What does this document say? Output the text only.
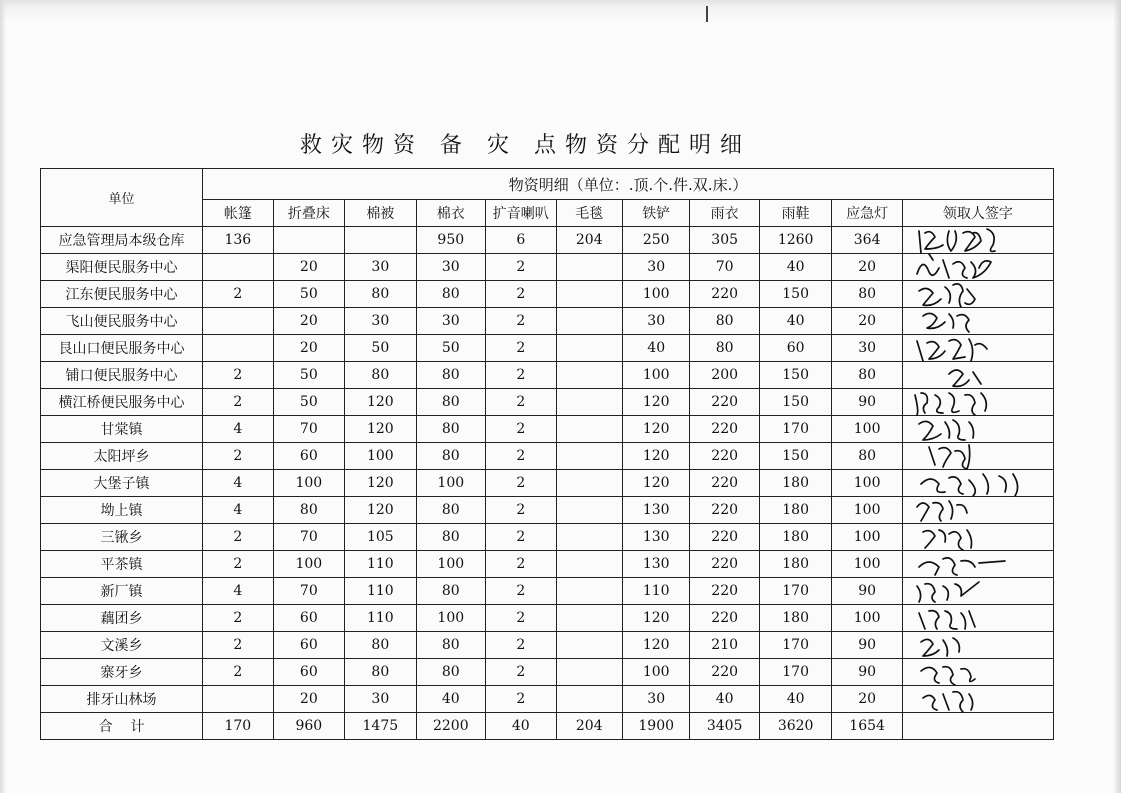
救灾物资 备 灾 点物资分配明细
单位	物资明细（单位：.顶.个.件.双.床.）										
	帐篷	折叠床	棉被	棉衣	扩音喇叭	毛毯	铁铲	雨衣	雨鞋	应急灯	领取人签字
应急管理局本级仓库	136			950	6	204	250	305	1260	364	

渠阳便民服务中心		20	30	30	2		30	70	40	20	

江东便民服务中心	2	50	80	80	2		100	220	150	80	

飞山便民服务中心		20	30	30	2		30	80	40	20	

艮山口便民服务中心		20	50	50	2		40	80	60	30	

铺口便民服务中心	2	50	80	80	2		100	200	150	80	

横江桥便民服务中心	2	50	120	80	2		120	220	150	90	

甘棠镇	4	70	120	80	2		120	220	170	100	

太阳坪乡	2	60	100	80	2		120	220	150	80	

大堡子镇	4	100	120	100	2		120	220	180	100	

坳上镇	4	80	120	80	2		130	220	180	100	

三锹乡	2	70	105	80	2		130	220	180	100	

平茶镇	2	100	110	100	2		130	220	180	100	

新厂镇	4	70	110	80	2		110	220	170	90	

藕团乡	2	60	110	100	2		120	220	180	100	

文溪乡	2	60	80	80	2		120	210	170	90	

寨牙乡	2	60	80	80	2		100	220	170	90	

排牙山林场		20	30	40	2		30	40	40	20	

合    计	170	960	1475	2200	40	204	1900	3405	3620	1654	
